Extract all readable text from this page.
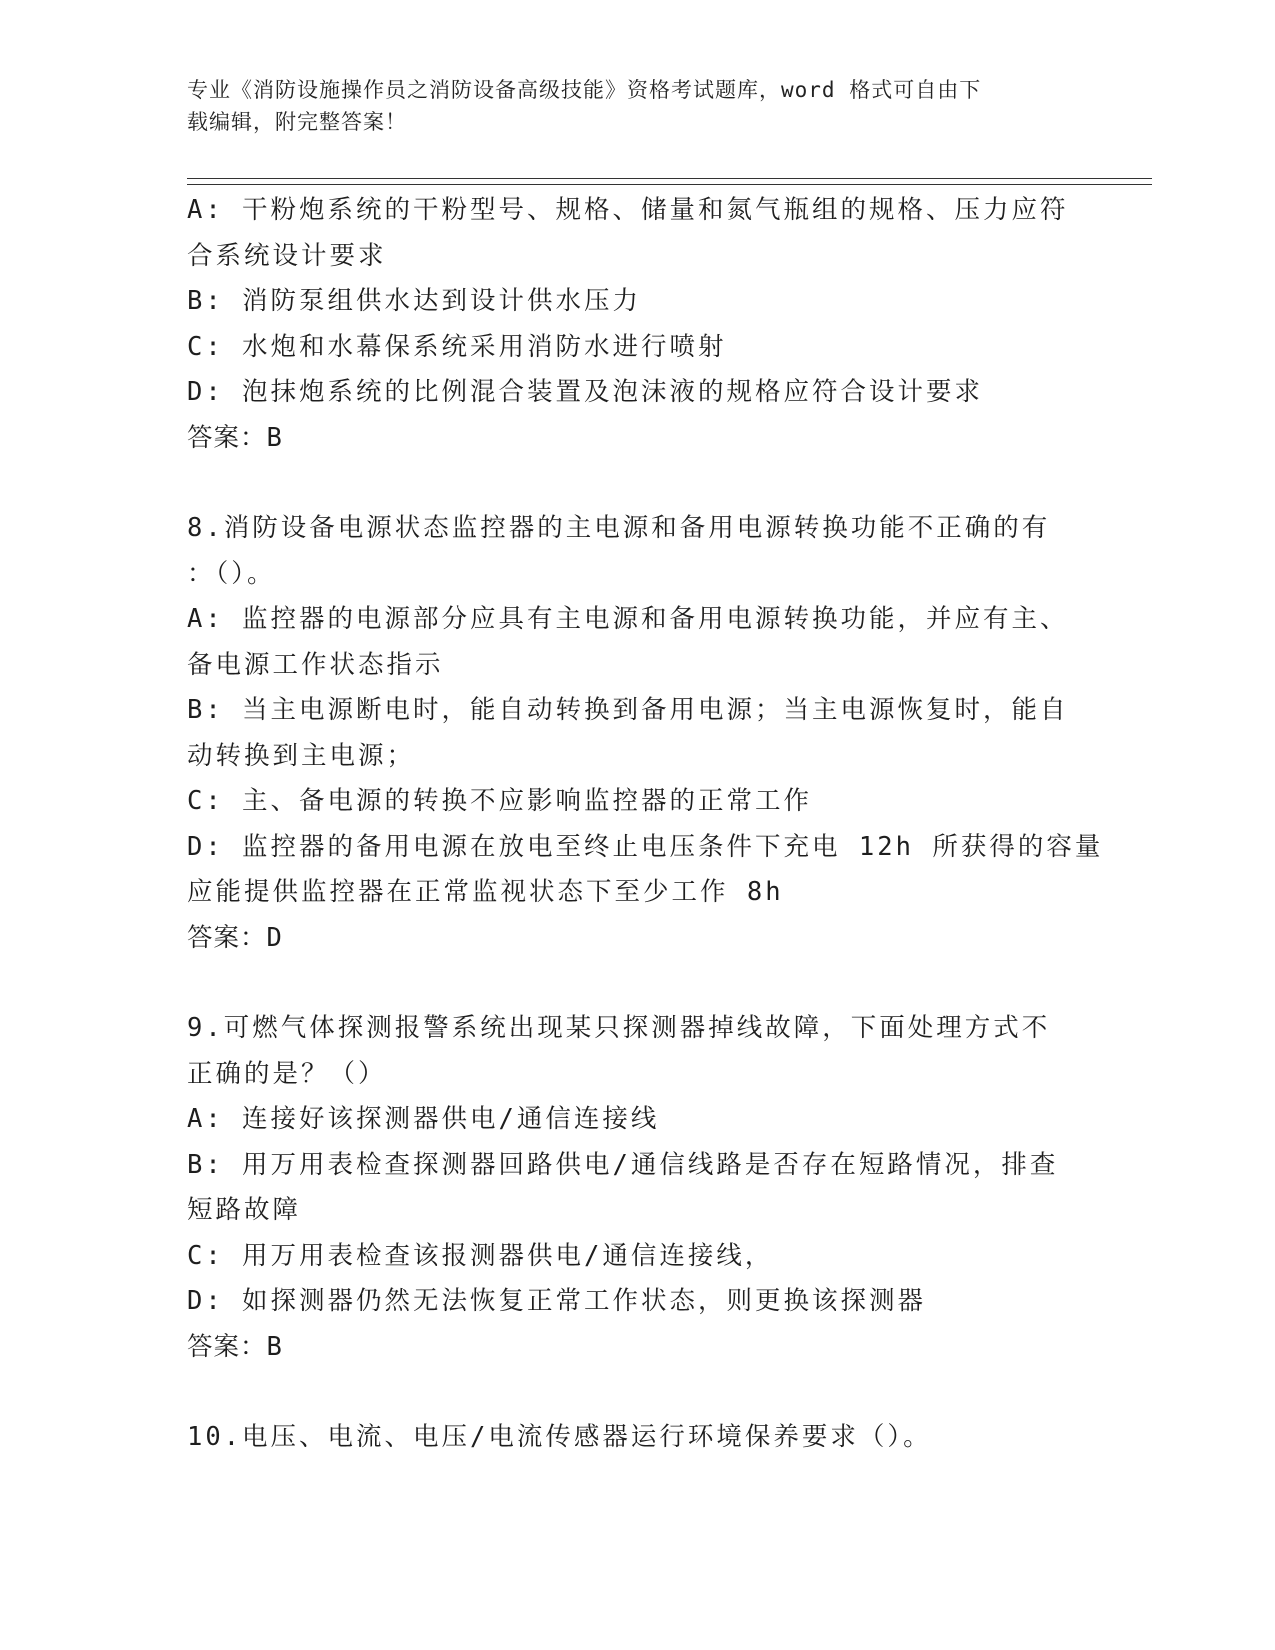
专业《消防设施操作员之消防设备高级技能》资格考试题库，word 格式可自由下
载编辑，附完整答案！
A: 干粉炮系统的干粉型号、规格、储量和氮气瓶组的规格、压力应符
合系统设计要求
B: 消防泵组供水达到设计供水压力
C: 水炮和水幕保系统采用消防水进行喷射
D: 泡抹炮系统的比例混合装置及泡沫液的规格应符合设计要求
答案：B
8.消防设备电源状态监控器的主电源和备用电源转换功能不正确的有
：（）。
A: 监控器的电源部分应具有主电源和备用电源转换功能，并应有主、
备电源工作状态指示
B: 当主电源断电时，能自动转换到备用电源；当主电源恢复时，能自
动转换到主电源；
C: 主、备电源的转换不应影响监控器的正常工作
D: 监控器的备用电源在放电至终止电压条件下充电 12h 所获得的容量
应能提供监控器在正常监视状态下至少工作 8h
答案：D
9.可燃气体探测报警系统出现某只探测器掉线故障，下面处理方式不
正确的是？（）
A: 连接好该探测器供电/通信连接线
B: 用万用表检查探测器回路供电/通信线路是否存在短路情况，排查
短路故障
C: 用万用表检查该报测器供电/通信连接线，
D: 如探测器仍然无法恢复正常工作状态，则更换该探测器
答案：B
10.电压、电流、电压/电流传感器运行环境保养要求（）。
